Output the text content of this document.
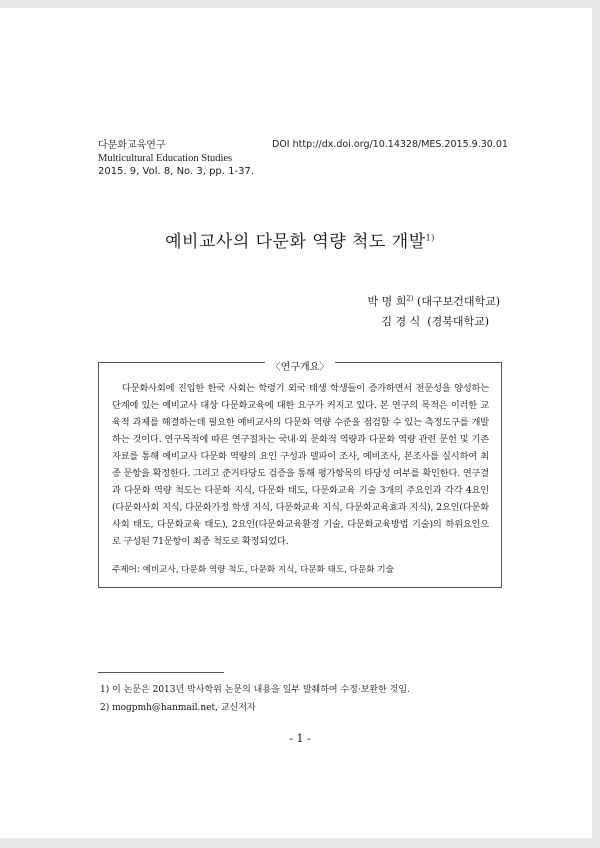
다문화교육연구
Multicultural Education Studies
2015. 9, Vol. 8, No. 3, pp. 1-37.
DOI http://dx.doi.org/10.14328/MES.2015.9.30.01
예비교사의 다문화 역량 척도 개발$^{1)}$
박 명 희$^{2)}$ (대구보건대학교)
김 경 식 (경북대학교)
〈연구개요〉
다문화사회에 진입한 한국 사회는 학령기 외국 태생 학생들이 증가하면서 전문성을 양성하는 단계에 있는 예비교사 대상 다문화교육에 대한 요구가 커지고 있다. 본 연구의 목적은 이러한 교육적 과제를 해결하는데 필요한 예비교사의 다문화 역량 수준을 점검할 수 있는 측정도구를 개발하는 것이다. 연구목적에 따른 연구절차는 국내·외 문화적 역량과 다문화 역량 관련 문헌 및 기존 자료를 통해 예비교사 다문화 역량의 요인 구성과 델파이 조사, 예비조사, 본조사를 실시하여 최종 문항을 확정한다. 그리고 준거타당도 검증을 통해 평가항목의 타당성 여부를 확인한다. 연구결과 다문화 역량 척도는 다문화 지식, 다문화 태도, 다문화교육 기술 3개의 주요인과 각각 4요인(다문화사회 지식, 다문화가정 학생 지식, 다문화교육 지식, 다문화교육효과 지식), 2요인(다문화사회 태도, 다문화교육 태도), 2요인(다문화교육환경 기술, 다문화교육방법 기술)의 하위요인으로 구성된 71문항이 최종 척도로 확정되었다.
주제어: 예비교사, 다문화 역량 척도, 다문화 지식, 다문화 태도, 다문화 기술
1) 이 논문은 2013년 박사학위 논문의 내용을 일부 발췌하여 수정·보완한 것임.
2) mogpmh@hanmail.net, 교신저자
- 1 -
